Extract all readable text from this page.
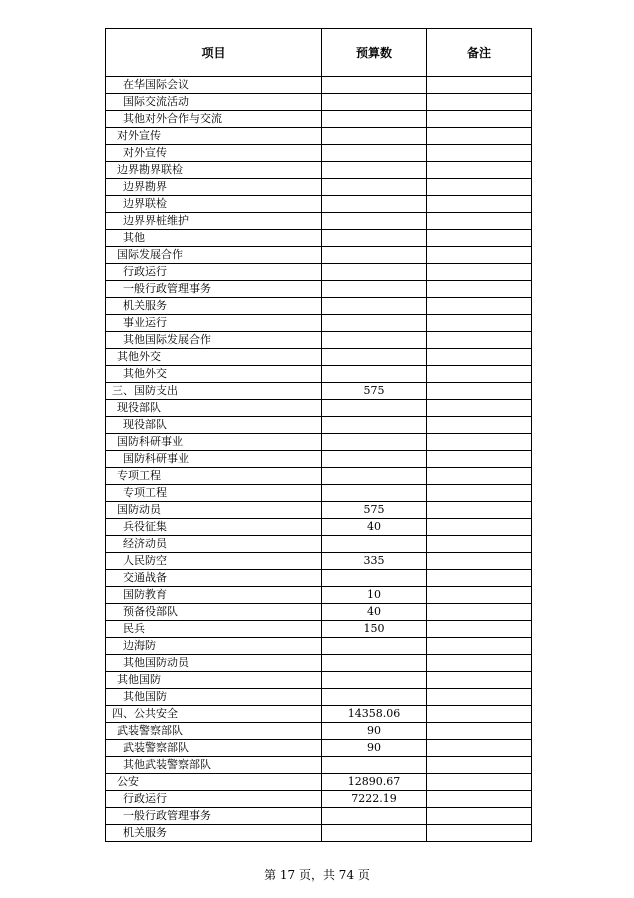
项目	预算数	备注
在华国际会议		
国际交流活动		
其他对外合作与交流		
对外宣传		
对外宣传		
边界勘界联检		
边界勘界		
边界联检		
边界界桩维护		
其他		
国际发展合作		
行政运行		
一般行政管理事务		
机关服务		
事业运行		
其他国际发展合作		
其他外交		
其他外交		
三、国防支出	575	
现役部队		
现役部队		
国防科研事业		
国防科研事业		
专项工程		
专项工程		
国防动员	575	
兵役征集	40	
经济动员		
人民防空	335	
交通战备		
国防教育	10	
预备役部队	40	
民兵	150	
边海防		
其他国防动员		
其他国防		
其他国防		
四、公共安全	14358.06	
武装警察部队	90	
武装警察部队	90	
其他武装警察部队		
公安	12890.67	
行政运行	7222.19	
一般行政管理事务		
机关服务		
第 17 页，共 74 页
